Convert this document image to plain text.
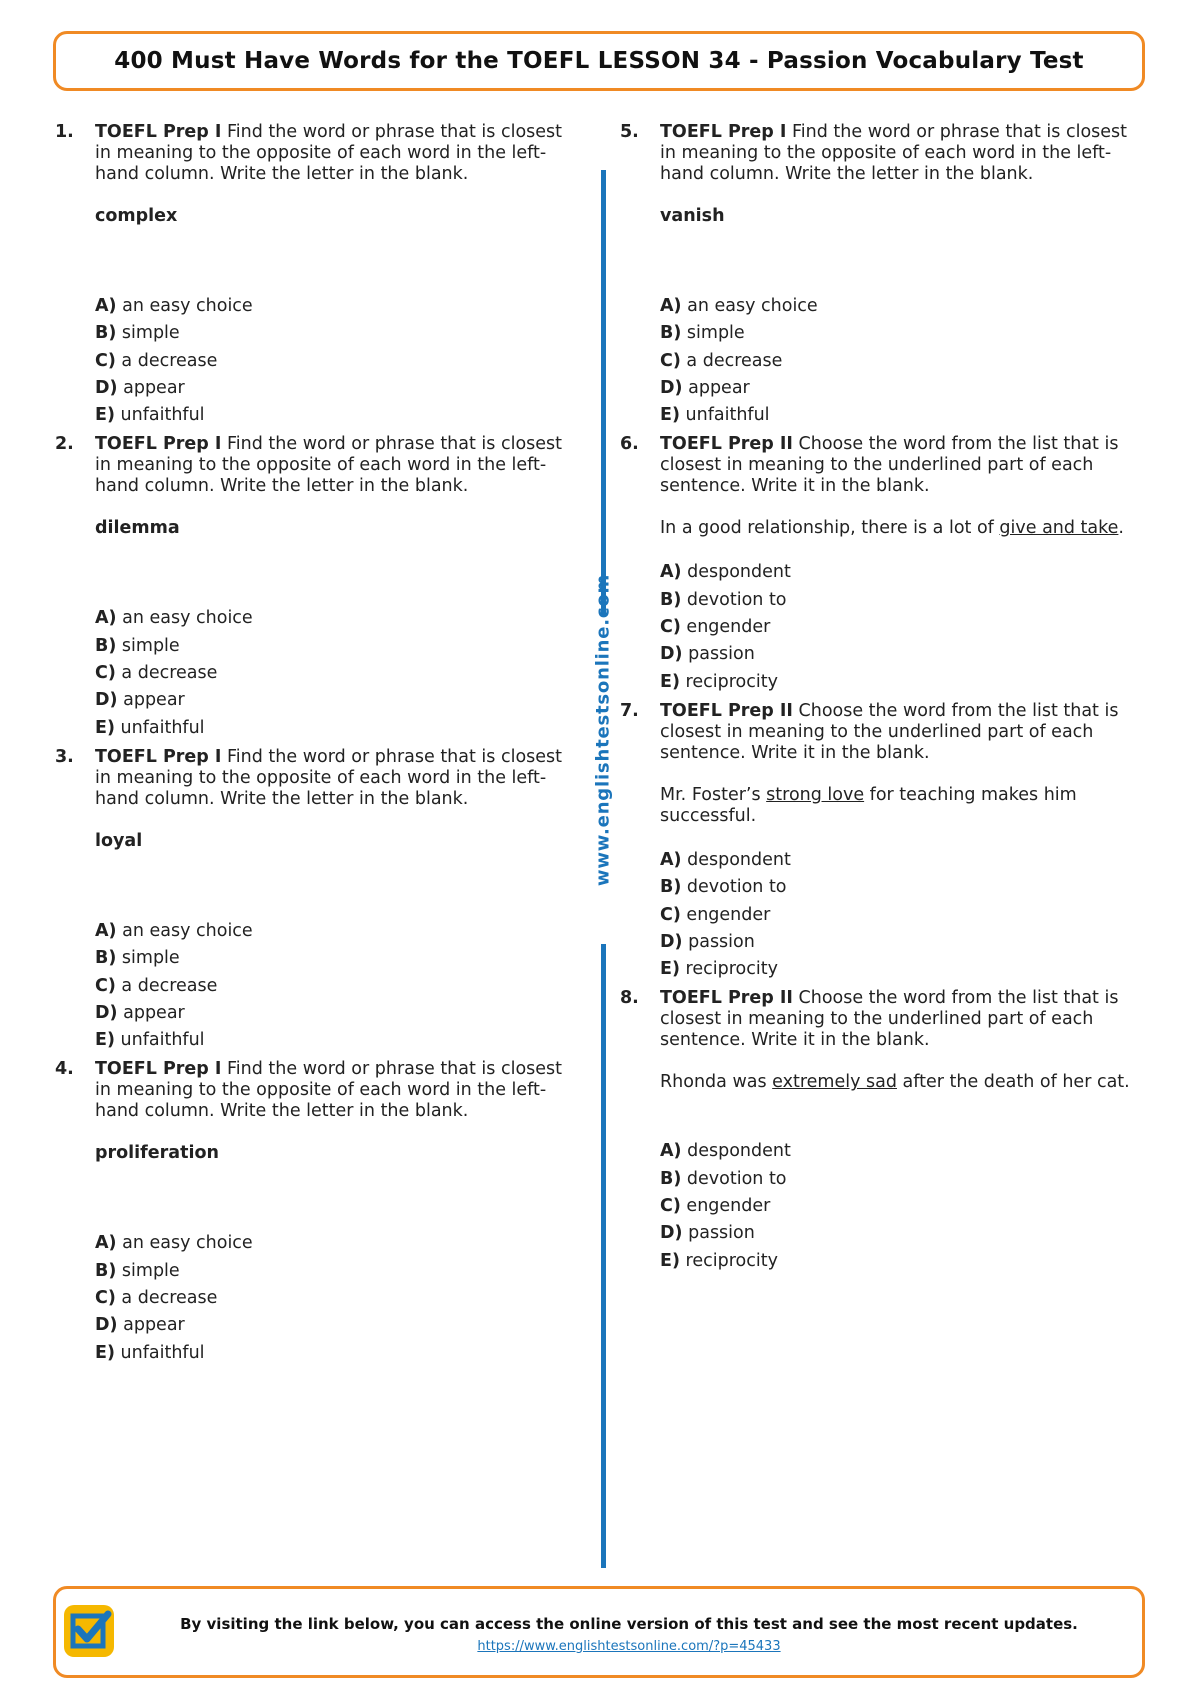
400 Must Have Words for the TOEFL LESSON 34 - Passion Vocabulary Test
1. TOEFL Prep I Find the word or phrase that is closest in meaning to the opposite of each word in the left-hand column. Write the letter in the blank.
complex
A) an easy choice
B) simple
C) a decrease
D) appear
E) unfaithful
2. TOEFL Prep I Find the word or phrase that is closest in meaning to the opposite of each word in the left-hand column. Write the letter in the blank.
dilemma
A) an easy choice
B) simple
C) a decrease
D) appear
E) unfaithful
3. TOEFL Prep I Find the word or phrase that is closest in meaning to the opposite of each word in the left-hand column. Write the letter in the blank.
loyal
A) an easy choice
B) simple
C) a decrease
D) appear
E) unfaithful
4. TOEFL Prep I Find the word or phrase that is closest in meaning to the opposite of each word in the left-hand column. Write the letter in the blank.
proliferation
A) an easy choice
B) simple
C) a decrease
D) appear
E) unfaithful
www.englishtestsonline.com
5. TOEFL Prep I Find the word or phrase that is closest in meaning to the opposite of each word in the left-hand column. Write the letter in the blank.
vanish
A) an easy choice
B) simple
C) a decrease
D) appear
E) unfaithful
6. TOEFL Prep II Choose the word from the list that is closest in meaning to the underlined part of each sentence. Write it in the blank.
In a good relationship, there is a lot of give and take.
A) despondent
B) devotion to
C) engender
D) passion
E) reciprocity
7. TOEFL Prep II Choose the word from the list that is closest in meaning to the underlined part of each sentence. Write it in the blank.
Mr. Foster’s strong love for teaching makes him successful.
A) despondent
B) devotion to
C) engender
D) passion
E) reciprocity
8. TOEFL Prep II Choose the word from the list that is closest in meaning to the underlined part of each sentence. Write it in the blank.
Rhonda was extremely sad after the death of her cat.
A) despondent
B) devotion to
C) engender
D) passion
E) reciprocity
By visiting the link below, you can access the online version of this test and see the most recent updates.
https://www.englishtestsonline.com/?p=45433
